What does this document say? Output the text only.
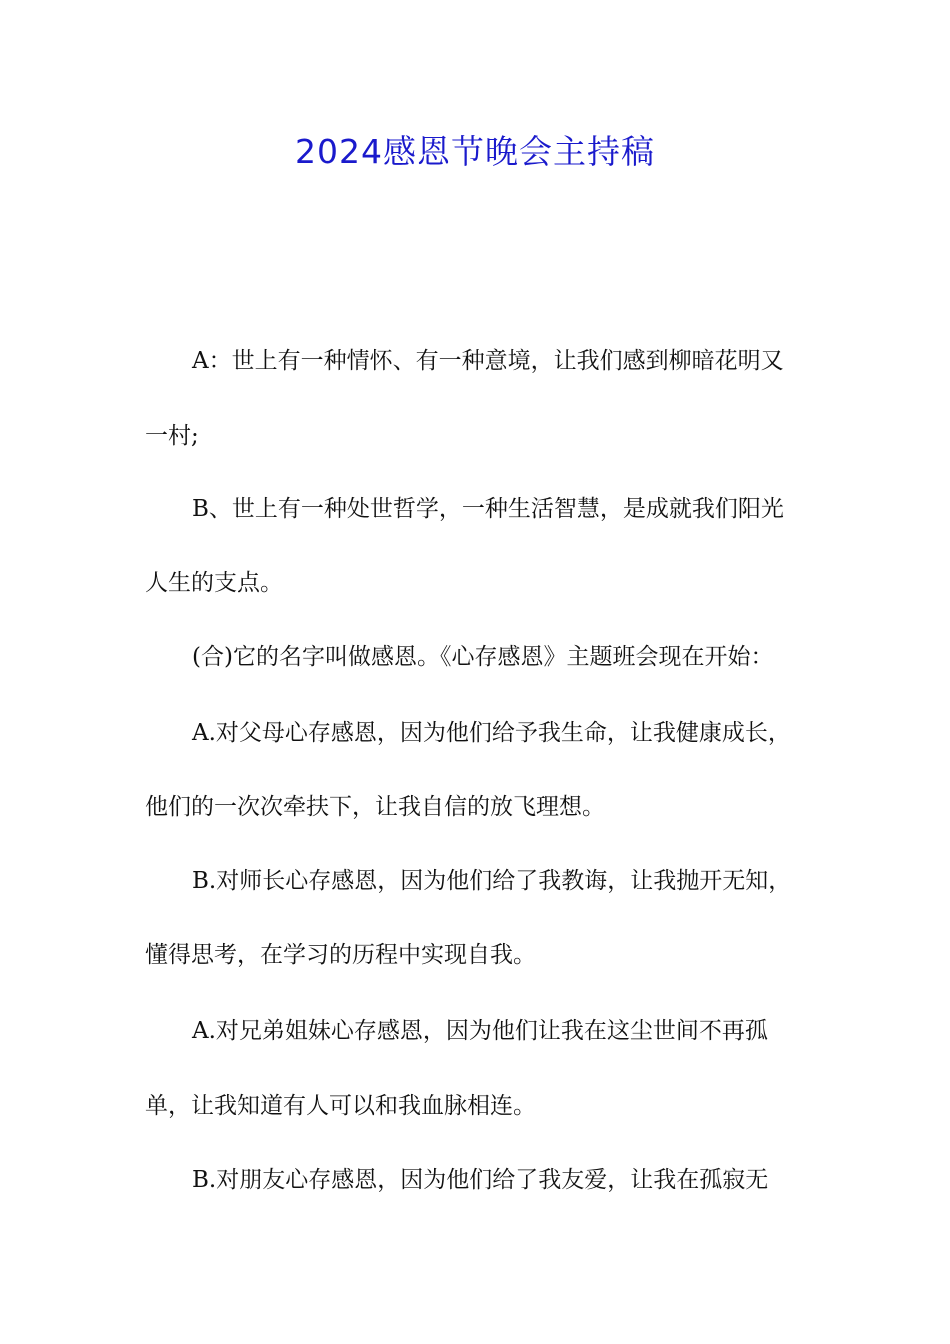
2024感恩节晚会主持稿

A：世上有一种情怀、有一种意境，让我们感到柳暗花明又

一村;

B、世上有一种处世哲学，一种生活智慧，是成就我们阳光

人生的支点。

(合)它的名字叫做感恩。《心存感恩》主题班会现在开始：

A.对父母心存感恩，因为他们给予我生命，让我健康成长，

他们的一次次牵扶下，让我自信的放飞理想。

B.对师长心存感恩，因为他们给了我教诲，让我抛开无知，

懂得思考，在学习的历程中实现自我。

A.对兄弟姐妹心存感恩，因为他们让我在这尘世间不再孤

单，让我知道有人可以和我血脉相连。

B.对朋友心存感恩，因为他们给了我友爱，让我在孤寂无
